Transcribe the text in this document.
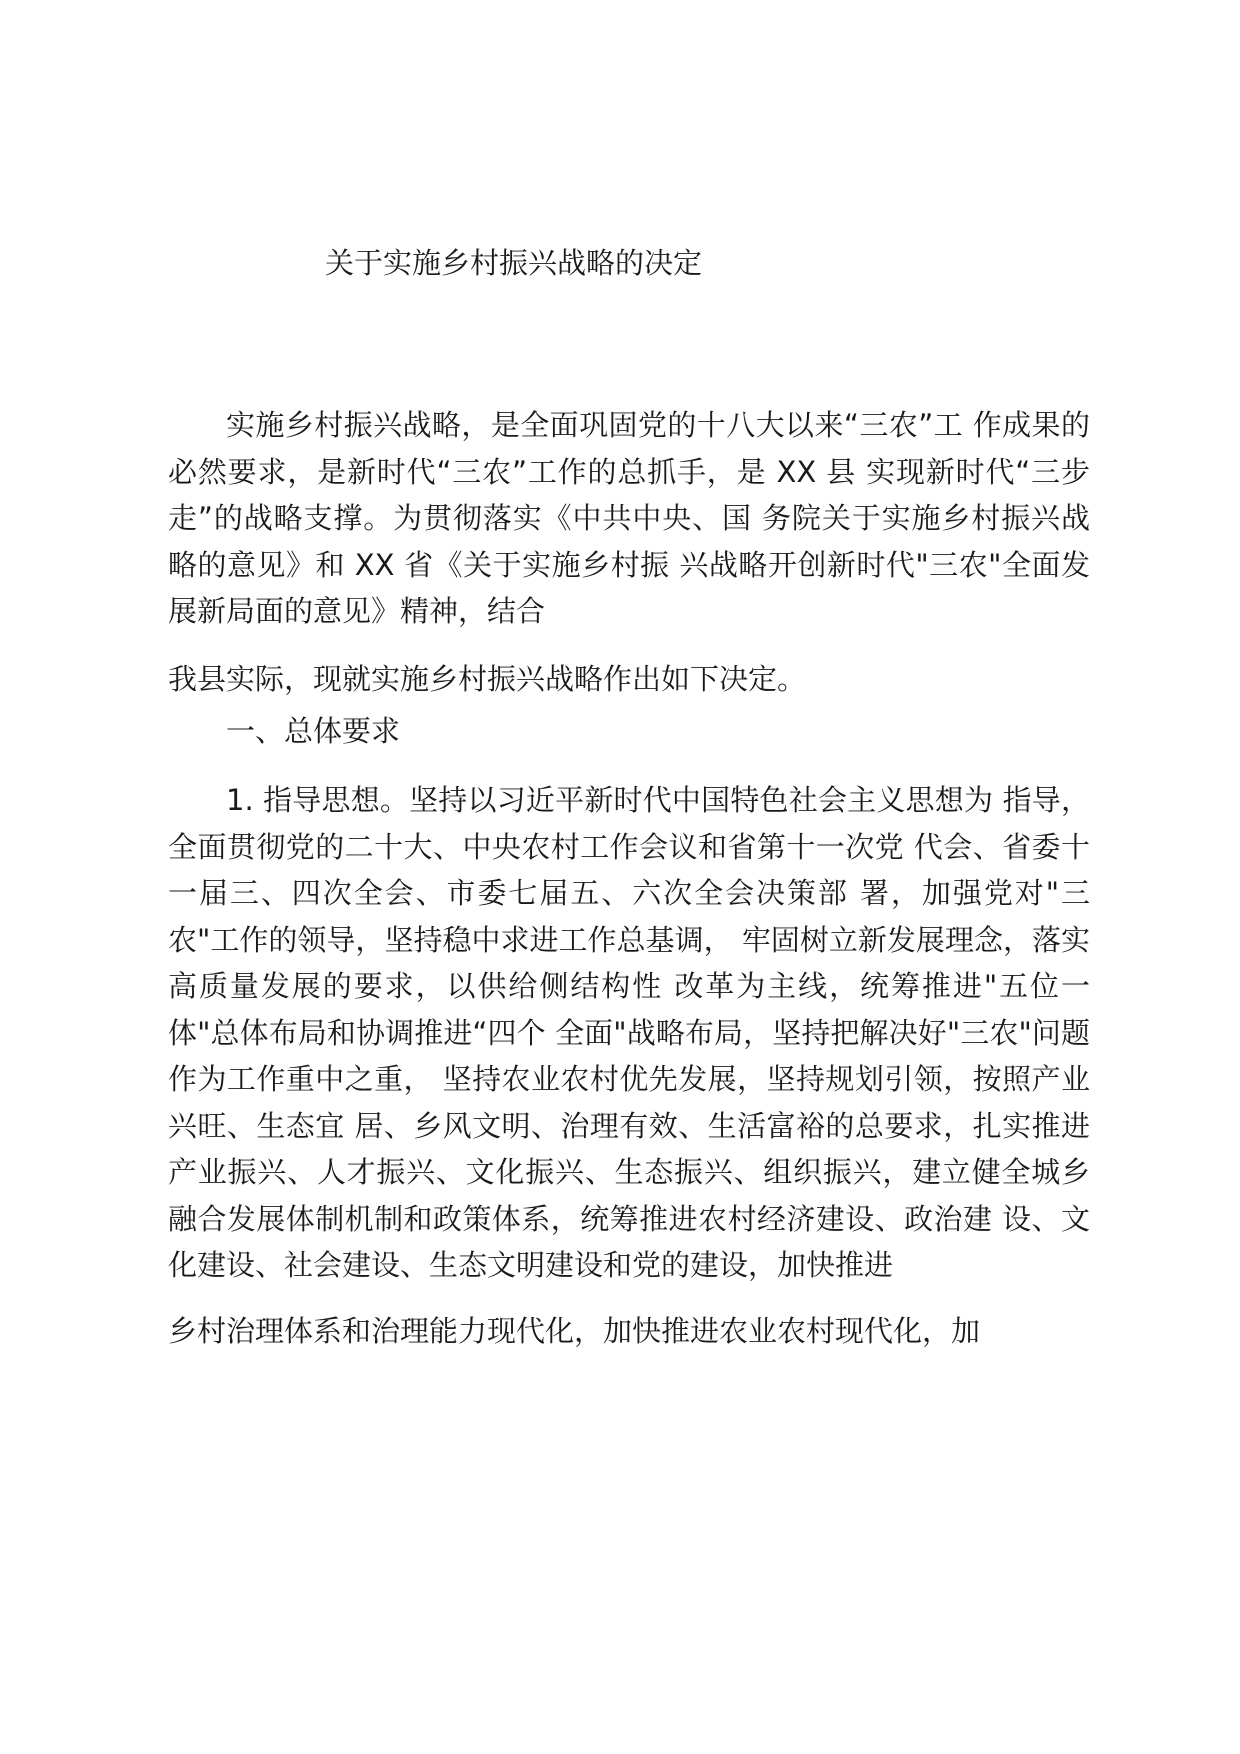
关于实施乡村振兴战略的决定

实施乡村振兴战略，是全面巩固党的十八大以来“三农”工 作成果的必然要求，是新时代“三农”工作的总抓手，是 XX 县 实现新时代“三步走”的战略支撑。为贯彻落实《中共中央、国 务院关于实施乡村振兴战略的意见》和 XX 省《关于实施乡村振 兴战略开创新时代"三农"全面发展新局面的意见》精神，结合

我县实际，现就实施乡村振兴战略作出如下决定。

一、总体要求

1. 指导思想。坚持以习近平新时代中国特色社会主义思想为 指导，全面贯彻党的二十大、中央农村工作会议和省第十一次党 代会、省委十一届三、四次全会、市委七届五、六次全会决策部 署，加强党对"三农"工作的领导，坚持稳中求进工作总基调， 牢固树立新发展理念，落实高质量发展的要求，以供给侧结构性 改革为主线，统筹推进"五位一体"总体布局和协调推进“四个 全面"战略布局，坚持把解决好"三农"问题作为工作重中之重， 坚持农业农村优先发展，坚持规划引领，按照产业兴旺、生态宜 居、乡风文明、治理有效、生活富裕的总要求，扎实推进产业振兴、人才振兴、文化振兴、生态振兴、组织振兴，建立健全城乡 融合发展体制机制和政策体系，统筹推进农村经济建设、政治建 设、文化建设、社会建设、生态文明建设和党的建设，加快推进

乡村治理体系和治理能力现代化，加快推进农业农村现代化，加
